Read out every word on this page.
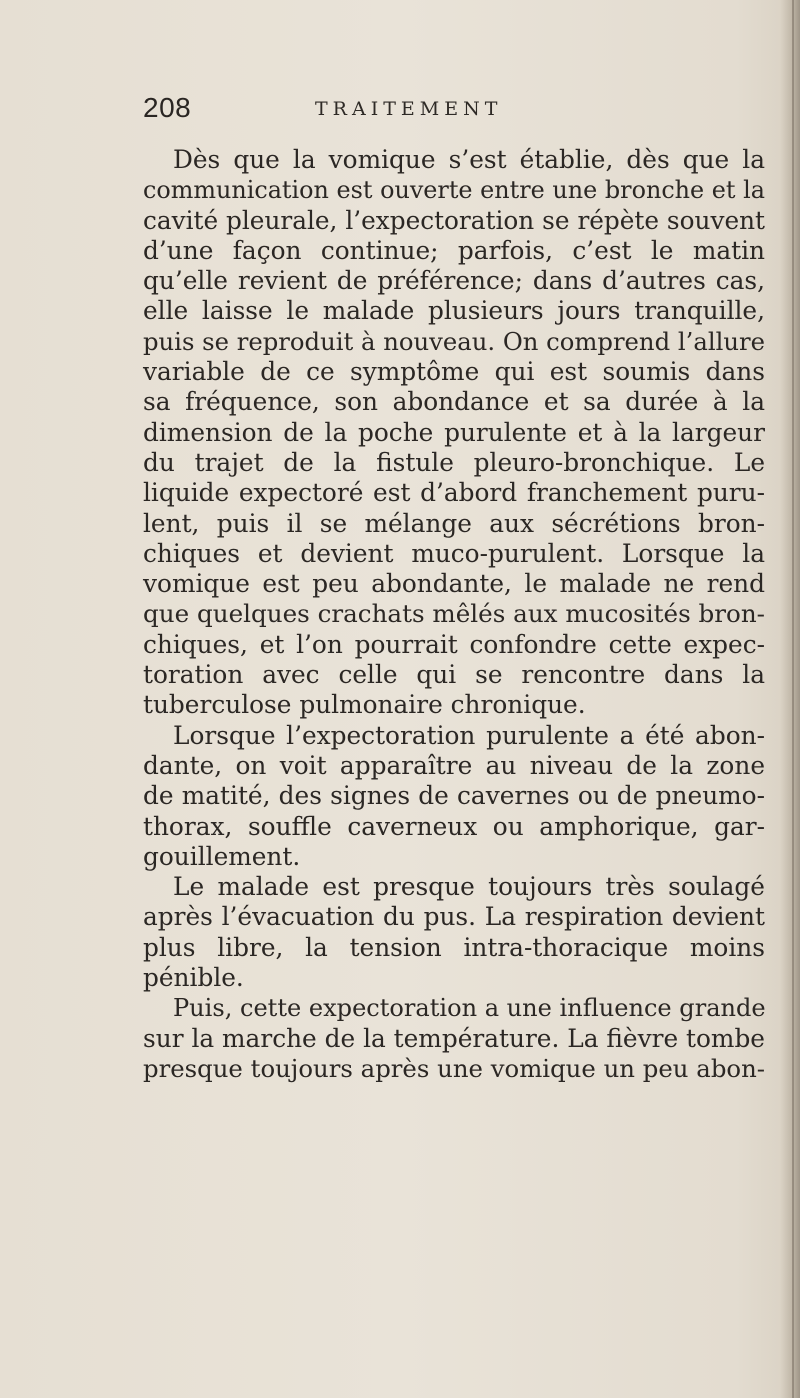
208	TRAITEMENT
Dès que la vomique s’est établie, dès que la
communication est ouverte entre une bronche et la
cavité pleurale, l’expectoration se répète souvent
d’une façon continue; parfois, c’est le matin
qu’elle revient de préférence; dans d’autres cas,
elle laisse le malade plusieurs jours tranquille,
puis se reproduit à nouveau. On comprend l’allure
variable de ce symptôme qui est soumis dans
sa fréquence, son abondance et sa durée à la
dimension de la poche purulente et à la largeur
du trajet de la fistule pleuro-bronchique. Le
liquide expectoré est d’abord franchement puru-
lent, puis il se mélange aux sécrétions bron-
chiques et devient muco-purulent. Lorsque la
vomique est peu abondante, le malade ne rend
que quelques crachats mêlés aux mucosités bron-
chiques, et l’on pourrait confondre cette expec-
toration avec celle qui se rencontre dans la
tuberculose pulmonaire chronique.
Lorsque l’expectoration purulente a été abon-
dante, on voit apparaître au niveau de la zone
de matité, des signes de cavernes ou de pneumo-
thorax, souffle caverneux ou amphorique, gar-
gouillement.
Le malade est presque toujours très soulagé
après l’évacuation du pus. La respiration devient
plus libre, la tension intra-thoracique moins
pénible.
Puis, cette expectoration a une influence grande
sur la marche de la température. La fièvre tombe
presque toujours après une vomique un peu abon-
